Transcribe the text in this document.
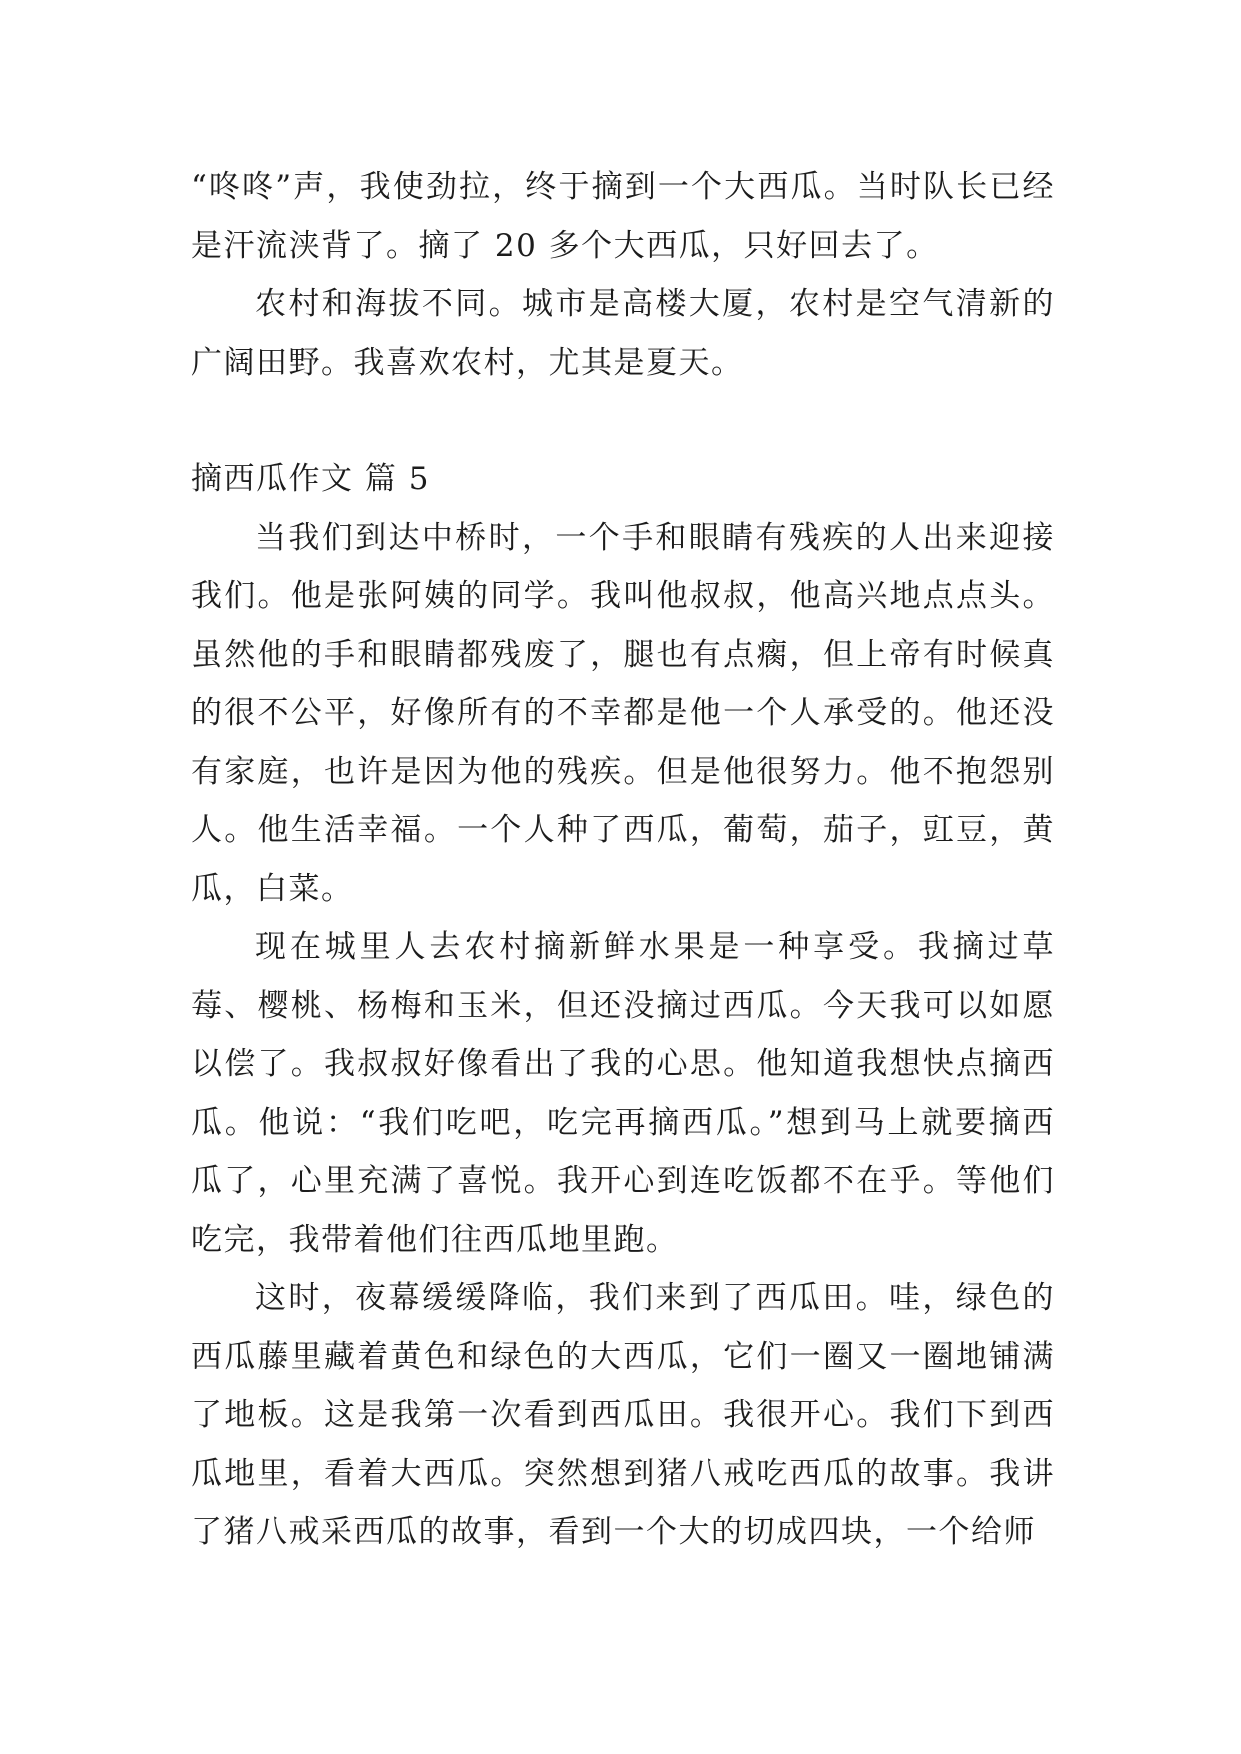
“咚咚”声，我使劲拉，终于摘到一个大西瓜。当时队长已经是汗流浃背了。摘了 20 多个大西瓜，只好回去了。

农村和海拔不同。城市是高楼大厦，农村是空气清新的广阔田野。我喜欢农村，尤其是夏天。

摘西瓜作文 篇 5

当我们到达中桥时，一个手和眼睛有残疾的人出来迎接我们。他是张阿姨的同学。我叫他叔叔，他高兴地点点头。虽然他的手和眼睛都残废了，腿也有点瘸，但上帝有时候真的很不公平，好像所有的不幸都是他一个人承受的。他还没有家庭，也许是因为他的残疾。但是他很努力。他不抱怨别人。他生活幸福。一个人种了西瓜，葡萄，茄子，豇豆，黄瓜，白菜。

现在城里人去农村摘新鲜水果是一种享受。我摘过草莓、樱桃、杨梅和玉米，但还没摘过西瓜。今天我可以如愿以偿了。我叔叔好像看出了我的心思。他知道我想快点摘西瓜。他说：“我们吃吧，吃完再摘西瓜。”想到马上就要摘西瓜了，心里充满了喜悦。我开心到连吃饭都不在乎。等他们吃完，我带着他们往西瓜地里跑。

这时，夜幕缓缓降临，我们来到了西瓜田。哇，绿色的西瓜藤里藏着黄色和绿色的大西瓜，它们一圈又一圈地铺满了地板。这是我第一次看到西瓜田。我很开心。我们下到西瓜地里，看着大西瓜。突然想到猪八戒吃西瓜的故事。我讲了猪八戒采西瓜的故事，看到一个大的切成四块，一个给师
